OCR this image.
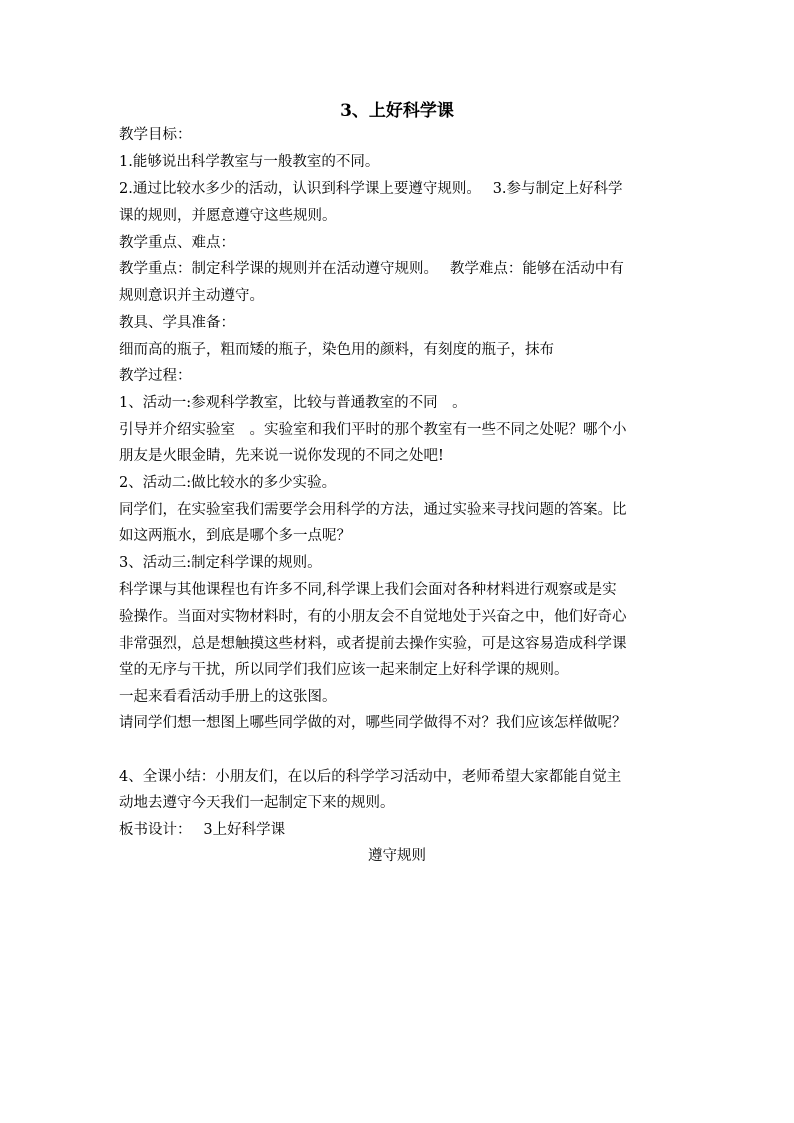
3、上好科学课
教学目标：
1.能够说出科学教室与一般教室的不同。
2.通过比较水多少的活动，认识到科学课上要遵守规则。　 3.参与制定上好科学
课的规则，并愿意遵守这些规则。
教学重点、难点：
教学重点：制定科学课的规则并在活动遵守规则。　 教学难点：能够在活动中有
规则意识并主动遵守。
教具、学具准备：
细而高的瓶子，粗而矮的瓶子，染色用的颜料，有刻度的瓶子，抹布
教学过程：
1、活动一:参观科学教室，比较与普通教室的不同　。
引导并介绍实验室　。实验室和我们平时的那个教室有一些不同之处呢？哪个小
朋友是火眼金睛，先来说一说你发现的不同之处吧!
2、活动二:做比较水的多少实验。
同学们，在实验室我们需要学会用科学的方法，通过实验来寻找问题的答案。比
如这两瓶水，到底是哪个多一点呢？
3、活动三:制定科学课的规则。
科学课与其他课程也有许多不同,科学课上我们会面对各种材料进行观察或是实
验操作。当面对实物材料时，有的小朋友会不自觉地处于兴奋之中，他们好奇心
非常强烈，总是想触摸这些材料，或者提前去操作实验，可是这容易造成科学课
堂的无序与干扰，所以同学们我们应该一起来制定上好科学课的规则。
一起来看看活动手册上的这张图。
请同学们想一想图上哪些同学做的对，哪些同学做得不对？我们应该怎样做呢？
4、全课小结：小朋友们，在以后的科学学习活动中，老师希望大家都能自觉主
动地去遵守今天我们一起制定下来的规则。
板书设计：　 3上好科学课
遵守规则
